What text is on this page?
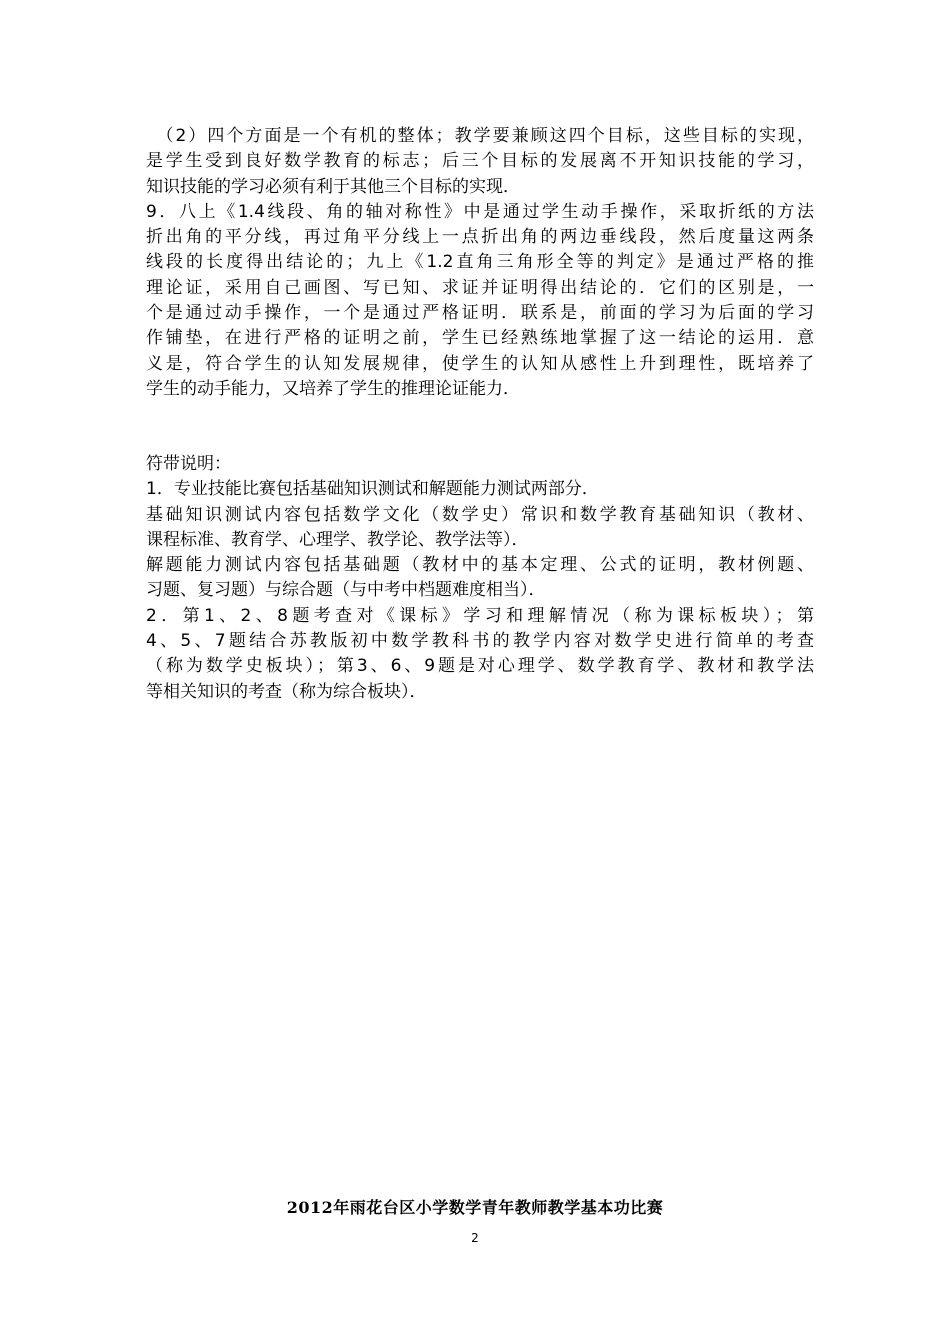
　（2）四个方面是一个有机的整体；教学要兼顾这四个目标，这些目标的实现，
是学生受到良好数学教育的标志；后三个目标的发展离不开知识技能的学习，
知识技能的学习必须有利于其他三个目标的实现．
9．八上《1.4线段、角的轴对称性》中是通过学生动手操作，采取折纸的方法
折出角的平分线，再过角平分线上一点折出角的两边垂线段，然后度量这两条
线段的长度得出结论的；九上《1.2直角三角形全等的判定》是通过严格的推
理论证，采用自己画图、写已知、求证并证明得出结论的．它们的区别是，一
个是通过动手操作，一个是通过严格证明．联系是，前面的学习为后面的学习
作铺垫，在进行严格的证明之前，学生已经熟练地掌握了这一结论的运用．意
义是，符合学生的认知发展规律，使学生的认知从感性上升到理性，既培养了
学生的动手能力，又培养了学生的推理论证能力．
符带说明：
1．专业技能比赛包括基础知识测试和解题能力测试两部分．
基础知识测试内容包括数学文化（数学史）常识和数学教育基础知识（教材、
课程标准、教育学、心理学、教学论、教学法等）．
解题能力测试内容包括基础题（教材中的基本定理、公式的证明，教材例题、
习题、复习题）与综合题（与中考中档题难度相当）．
2．第1、2、8题考查对《课标》学习和理解情况（称为课标板块）；第
4、5、7题结合苏教版初中数学教科书的教学内容对数学史进行简单的考查
（称为数学史板块）；第3、6、9题是对心理学、数学教育学、教材和教学法
等相关知识的考查（称为综合板块）．
2012年雨花台区小学数学青年教师教学基本功比赛
2
